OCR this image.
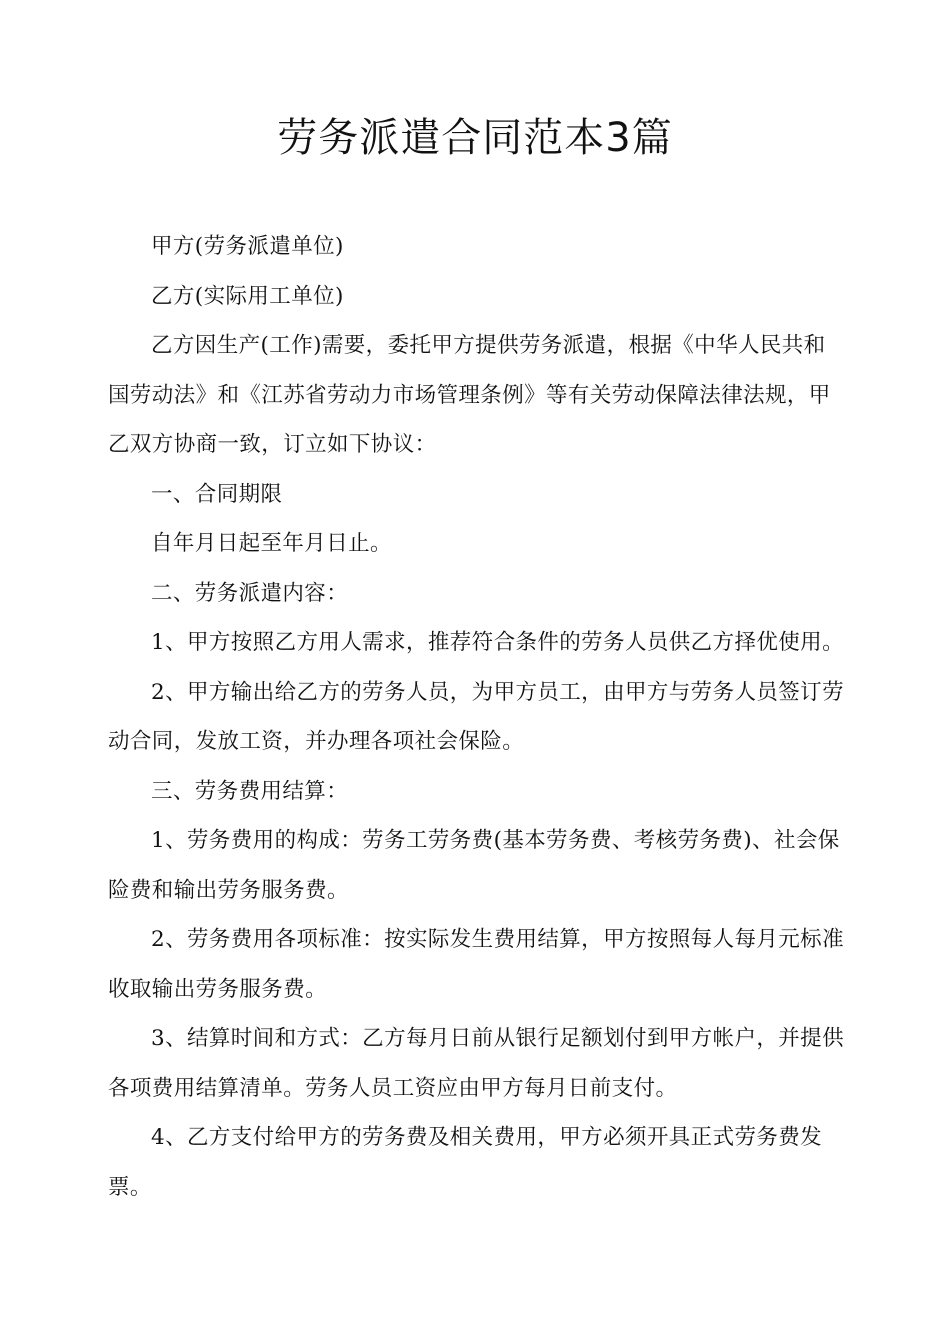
劳务派遣合同范本3篇

甲方(劳务派遣单位)

乙方(实际用工单位)

乙方因生产(工作)需要，委托甲方提供劳务派遣，根据《中华人民共和国劳动法》和《江苏省劳动力市场管理条例》等有关劳动保障法律法规，甲乙双方协商一致，订立如下协议：

一、合同期限

自年月日起至年月日止。

二、劳务派遣内容：

1、甲方按照乙方用人需求，推荐符合条件的劳务人员供乙方择优使用。

2、甲方输出给乙方的劳务人员，为甲方员工，由甲方与劳务人员签订劳动合同，发放工资，并办理各项社会保险。

三、劳务费用结算：

1、劳务费用的构成：劳务工劳务费(基本劳务费、考核劳务费)、社会保险费和输出劳务服务费。

2、劳务费用各项标准：按实际发生费用结算，甲方按照每人每月元标准收取输出劳务服务费。

3、结算时间和方式：乙方每月日前从银行足额划付到甲方帐户，并提供各项费用结算清单。劳务人员工资应由甲方每月日前支付。

4、乙方支付给甲方的劳务费及相关费用，甲方必须开具正式劳务费发票。
